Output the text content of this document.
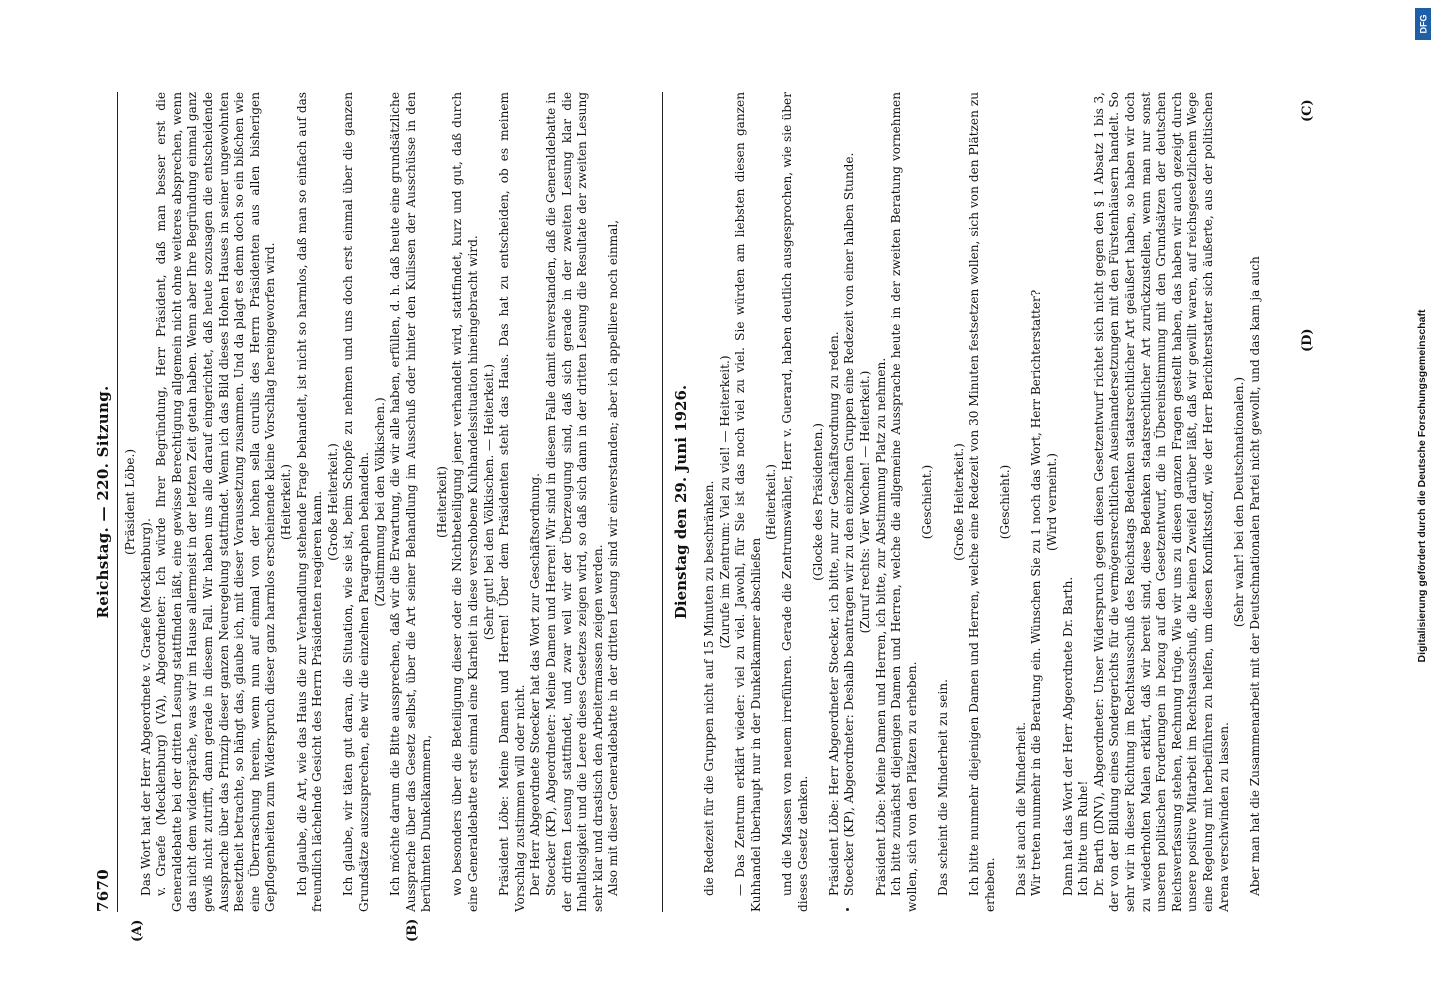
7670
Reichstag. — 220. Sitzung. (Präsident Löbe.)

Das Wort hat der Herr Abgeordnete v. Graefe (Mecklenburg). v. Graefe (Mecklenburg) (VA), Abgeordneter: Ich würde Ihrer Begründung, Herr Präsident, daß man besser erst die Generaldebatte bei der dritten Lesung stattfinden läßt, eine gewisse Berechtigung allgemein nicht ohne weiteres absprechen, wenn das nicht dem widerspräche, was wir im Hause allermeist in der letzten Zeit getan haben. Wenn aber Ihre Begründung einmal ganz gewiß nicht zutrifft, dann gerade in diesem Fall. Wir haben uns alle darauf eingerichtet, daß heute sozusagen die entscheidende Aussprache über das Prinzip dieser ganzen Neuregelung stattfindet. Wenn ich das Bild dieses Hohen Hauses in seiner ungewohnten Besetztheit betrachte, so hängt das, glaube ich, mit dieser Voraussetzung zusammen. Und da plagt es denn doch so ein bißchen wie eine Überraschung herein, wenn nun auf einmal von der hohen sella curulis des Herrn Präsidenten aus allen bisherigen Gepflogenheiten zum Widerspruch dieser ganz harmlos erscheinende kleine Vorschlag hereingeworfen wird. (Heiterkeit.) Ich glaube, die Art, wie das Haus die zur Verhandlung stehende Frage behandelt, ist nicht so harmlos, daß man so einfach auf das freundlich lächelnde Gesicht des Herrn Präsidenten reagieren kann. (Große Heiterkeit.) Ich glaube, wir täten gut daran, die Situation, wie sie ist, beim Schopfe zu nehmen und uns doch erst einmal über die ganzen Grundsätze auszusprechen, ehe wir die einzelnen Paragraphen behandeln. (Zustimmung bei den Völkischen.) Ich möchte darum die Bitte aussprechen, daß wir die Erwartung, die wir alle haben, erfüllen, d. h. daß heute eine grundsätzliche Aussprache über das Gesetz selbst, über die Art seiner Behandlung im Ausschuß oder hinter den Kulissen der Ausschüsse in den berühmten Dunkelkammern,

(Heiterkeit) wo besonders über die Beteiligung dieser oder die Nichtbeteiligung jener verhandelt wird, stattfindet, kurz und gut, daß durch eine Generaldebatte erst einmal eine Klarheit in diese verschobene Kuhhandelssituation hineingebracht wird. (Sehr gut! bei den Völkischen. — Heiterkeit.) Präsident Löbe: Meine Damen und Herren! Über dem Präsidenten steht das Haus. Das hat zu entscheiden, ob es meinem Vorschlag zustimmen will oder nicht. Der Herr Abgeordnete Stoecker hat das Wort zur Geschäftsordnung. Stoecker (KP), Abgeordneter: Meine Damen und Herren! Wir sind in diesem Falle damit einverstanden, daß die Generaldebatte in der dritten Lesung stattfindet, und zwar weil wir der Überzeugung sind, daß sich gerade in der zweiten Lesung klar die Inhaltlosigkeit und die Leere dieses Gesetzes zeigen wird, so daß sich dann in der dritten Lesung die Resultate der zweiten Lesung sehr klar und drastisch den Arbeitermassen zeigen werden. Also mit dieser Generaldebatte in der dritten Lesung sind wir einverstanden; aber ich appelliere noch einmal,	Dienstag den 29. Juni 1926. die Redezeit für die Gruppen nicht auf 15 Minuten zu beschränken. (Zurufe im Zentrum: Viel zu viel! — Heiterkeit.) — Das Zentrum erklärt wieder: viel zu viel. Jawohl, für Sie ist das noch viel zu viel. Sie würden am liebsten diesen ganzen Kuhhandel überhaupt nur in der Dunkelkammer abschließen

(Heiterkeit.) und die Massen von neuem irreführen. Gerade die Zentrumswähler, Herr v. Guerard, haben deutlich ausgesprochen, wie sie über dieses Gesetz denken.

(Glocke des Präsidenten.) Präsident Löbe: Herr Abgeordneter Stoecker, ich bitte, nur zur Geschäftsordnung zu reden. Stoecker (KP), Abgeordneter: Deshalb beantragen wir zu den einzelnen Gruppen eine Redezeit von einer halben Stunde. (Zuruf rechts: Vier Wochen! — Heiterkeit.) Präsident Löbe: Meine Damen und Herren, ich bitte, zur Abstimmung Platz zu nehmen. Ich bitte zunächst diejenigen Damen und Herren, welche die allgemeine Aussprache heute in der zweiten Beratung vornehmen wollen, sich von den Plätzen zu erheben.

(Geschieht.)

Das scheint die Minderheit zu sein.

(Große Heiterkeit.) Ich bitte nunmehr diejenigen Damen und Herren, welche eine Redezeit von 30 Minuten festsetzen wollen, sich von den Plätzen zu erheben.

(Geschieht.)

Das ist auch die Minderheit. Wir treten nunmehr in die Beratung ein. Wünschen Sie zu 1 noch das Wort, Herr Berichterstatter? (Wird verneint.)

Dann hat das Wort der Herr Abgeordnete Dr. Barth. Ich bitte um Ruhe! Dr. Barth (DNV), Abgeordneter: Unser Widerspruch gegen diesen Gesetzentwurf richtet sich nicht gegen den § 1 Absatz 1 bis 3, der von der Bildung eines Sondergerichts für die vermögensrechtlichen Auseinandersetzungen mit den Fürstenhäusern handelt. So sehr wir in dieser Richtung im Rechtsausschuß des Reichstags Bedenken staatsrechtlicher Art geäußert haben, so haben wir doch zu wiederholten Malen erklärt, daß wir bereit sind, diese Bedenken staatsrechtlicher Art zurückzustellen, wenn man nur sonst unseren politischen Forderungen in bezug auf den Gesetzentwurf, die in Übereinstimmung mit den Grundsätzen der deutschen Reichsverfassung stehen, Rechnung trüge. Wie wir uns zu diesen ganzen Fragen gestellt haben, das haben wir auch gezeigt durch unsere positive Mitarbeit im Rechtsausschuß, die keinen Zweifel darüber läßt, daß wir gewillt waren, auf reichsgesetzlichem Wege eine Regelung mit herbeiführen zu helfen, um diesen Konfliktsstoff, wie der Herr Berichterstatter sich äußerte, aus der politischen Arena verschwinden zu lassen.

(Sehr wahr! bei den Deutschnationalen.) Aber man hat die Zusammenarbeit mit der Deutschnationalen Partei nicht gewollt, und das kam ja auch

(A)	(B)
(C)
(D)
DFG
Digitalisierung gefördert durch die Deutsche Forschungsgemeinschaft
